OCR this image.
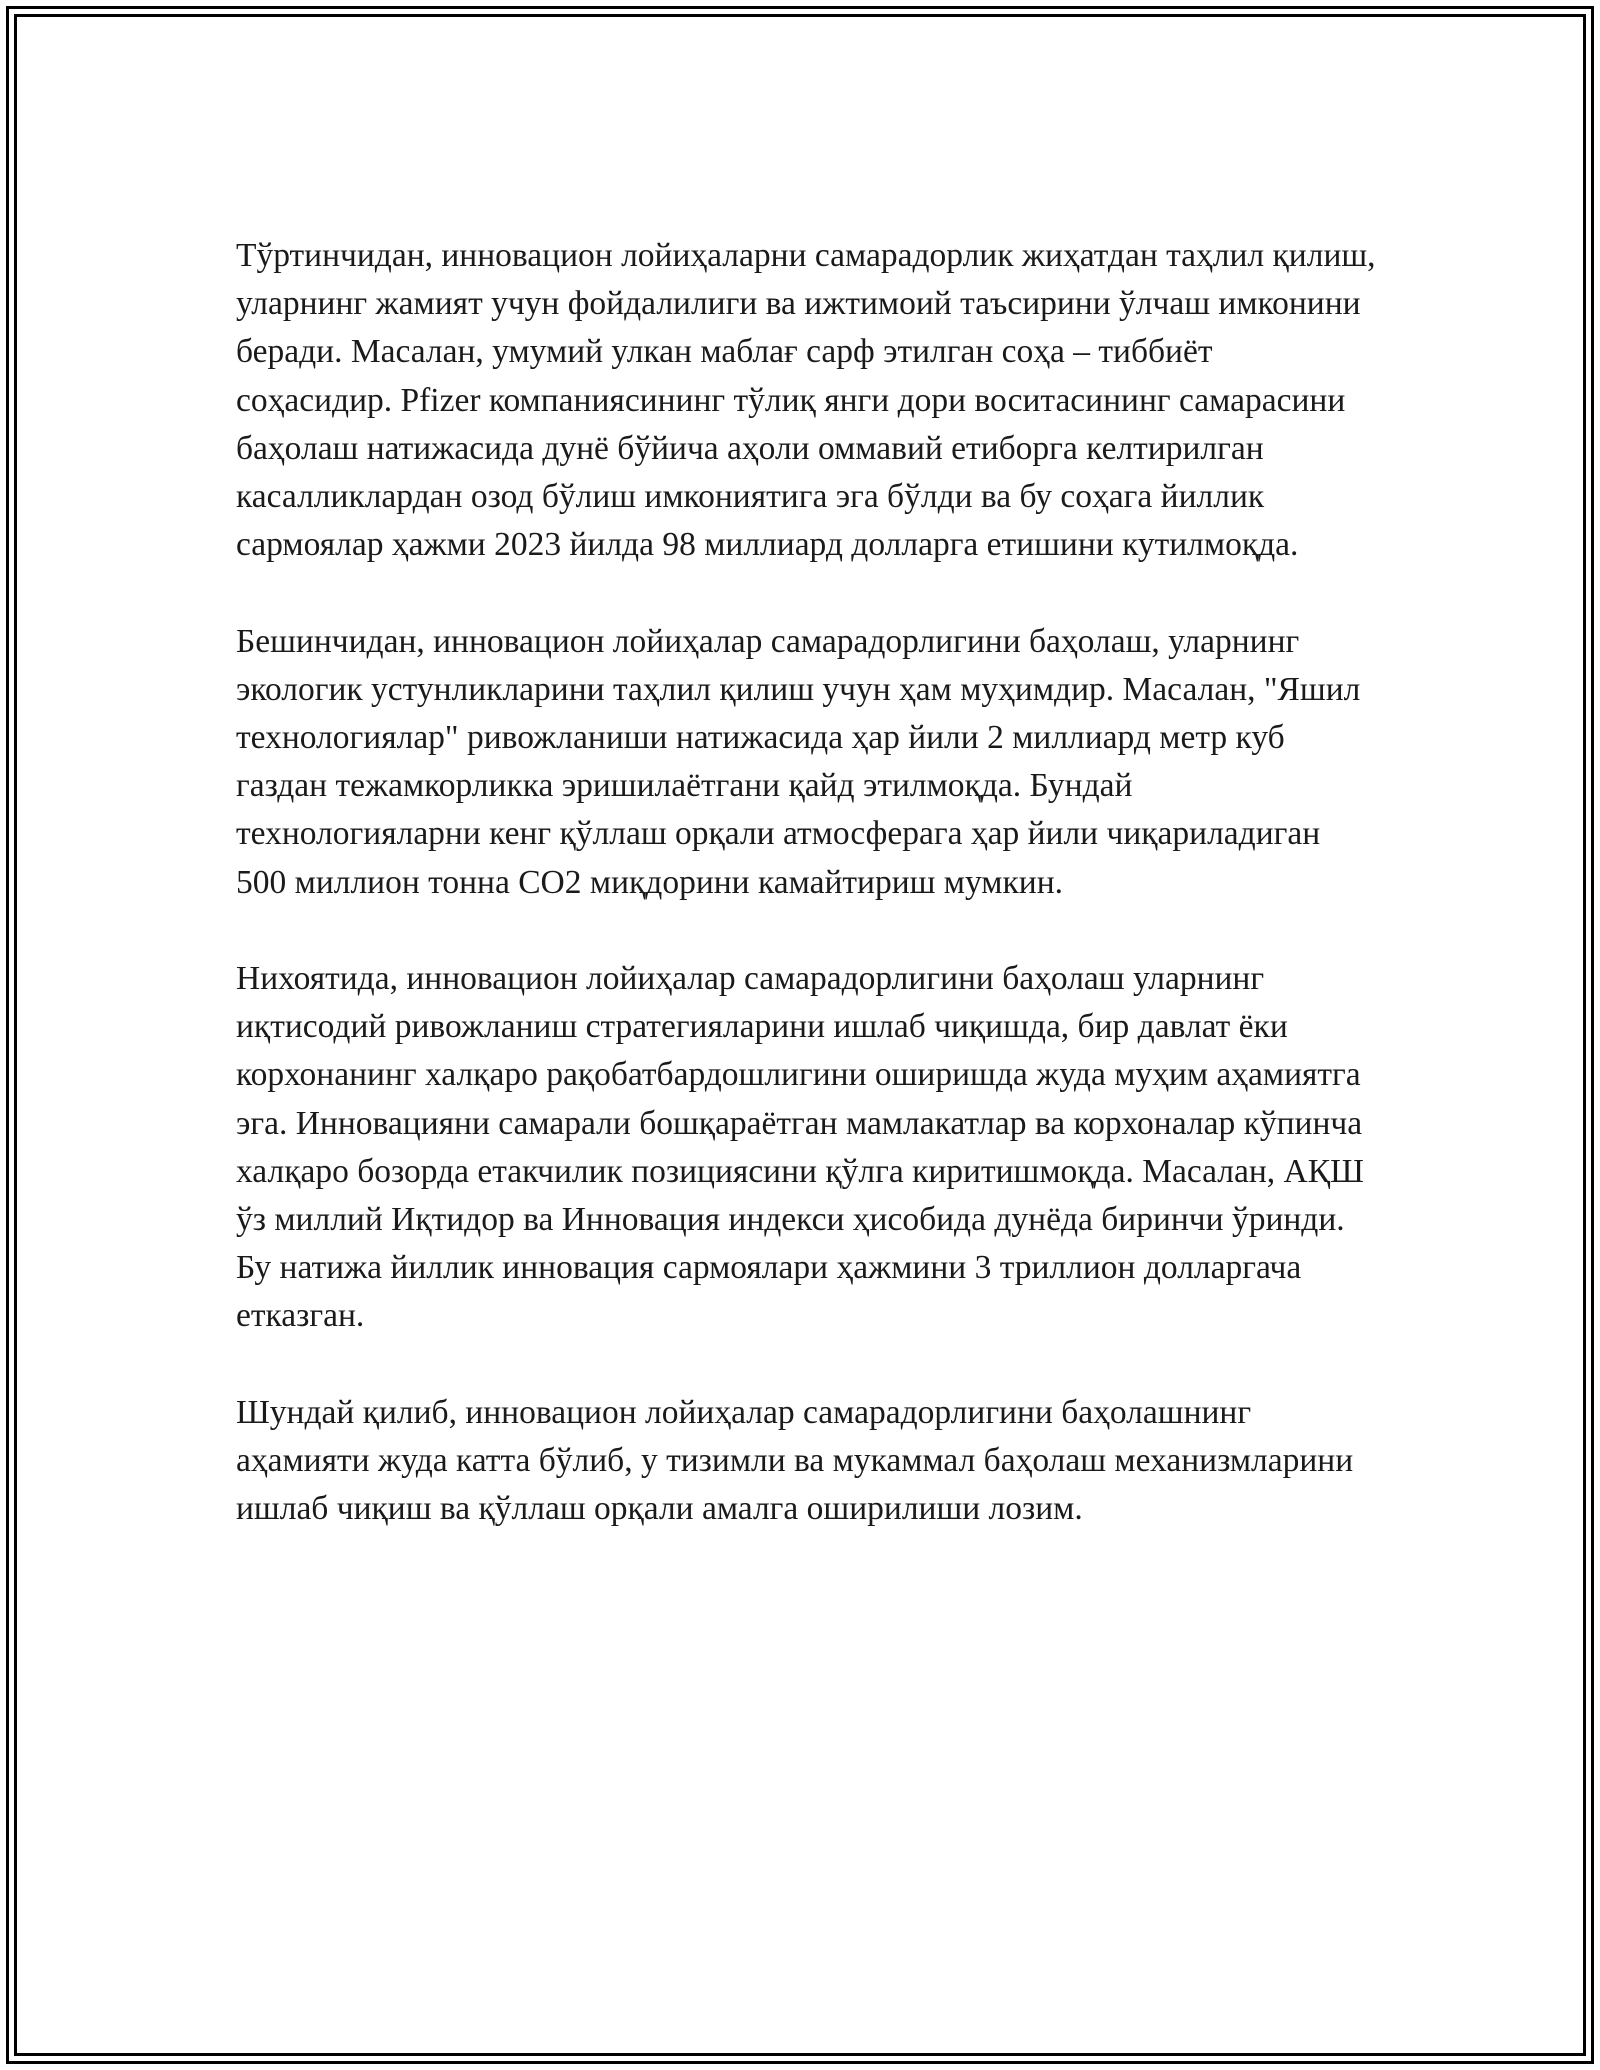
Тўртинчидан, инновацион лойиҳаларни самарадорлик жиҳатдан таҳлил қилиш, уларнинг жамият учун фойдалилиги ва ижтимоий таъсирини ўлчаш имконини беради. Масалан, умумий улкан маблағ сарф этилган соҳа – тиббиёт соҳасидир. Pfizer компаниясининг тўлиқ янги дори воситасининг самарасини баҳолаш натижасида дунё бўйича аҳоли оммавий етиборга келтирилган касалликлардан озод бўлиш имкониятига эга бўлди ва бу соҳага йиллик сармоялар ҳажми 2023 йилда 98 миллиард долларга етишини кутилмоқда.

Бешинчидан, инновацион лойиҳалар самарадорлигини баҳолаш, уларнинг экологик устунликларини таҳлил қилиш учун ҳам муҳимдир. Масалан, "Яшил технологиялар" ривожланиши натижасида ҳар йили 2 миллиард метр куб газдан тежамкорликка эришилаётгани қайд этилмоқда. Бундай технологияларни кенг қўллаш орқали атмосферага ҳар йили чиқариладиган 500 миллион тонна CO2 миқдорини камайтириш мумкин.

Нихоятида, инновацион лойиҳалар самарадорлигини баҳолаш уларнинг иқтисодий ривожланиш стратегияларини ишлаб чиқишда, бир давлат ёки корхонанинг халқаро рақобатбардошлигини оширишда жуда муҳим аҳамиятга эга. Инновацияни самарали бошқараётган мамлакатлар ва корхоналар кўпинча халқаро бозорда етакчилик позициясини қўлга киритишмоқда. Масалан, АҚШ ўз миллий Иқтидор ва Инновация индекси ҳисобида дунёда биринчи ўринди. Бу натижа йиллик инновация сармоялари ҳажмини 3 триллион долларгача етказган.

Шундай қилиб, инновацион лойиҳалар самарадорлигини баҳолашнинг аҳамияти жуда катта бўлиб, у тизимли ва мукаммал баҳолаш механизмларини ишлаб чиқиш ва қўллаш орқали амалга оширилиши лозим.
